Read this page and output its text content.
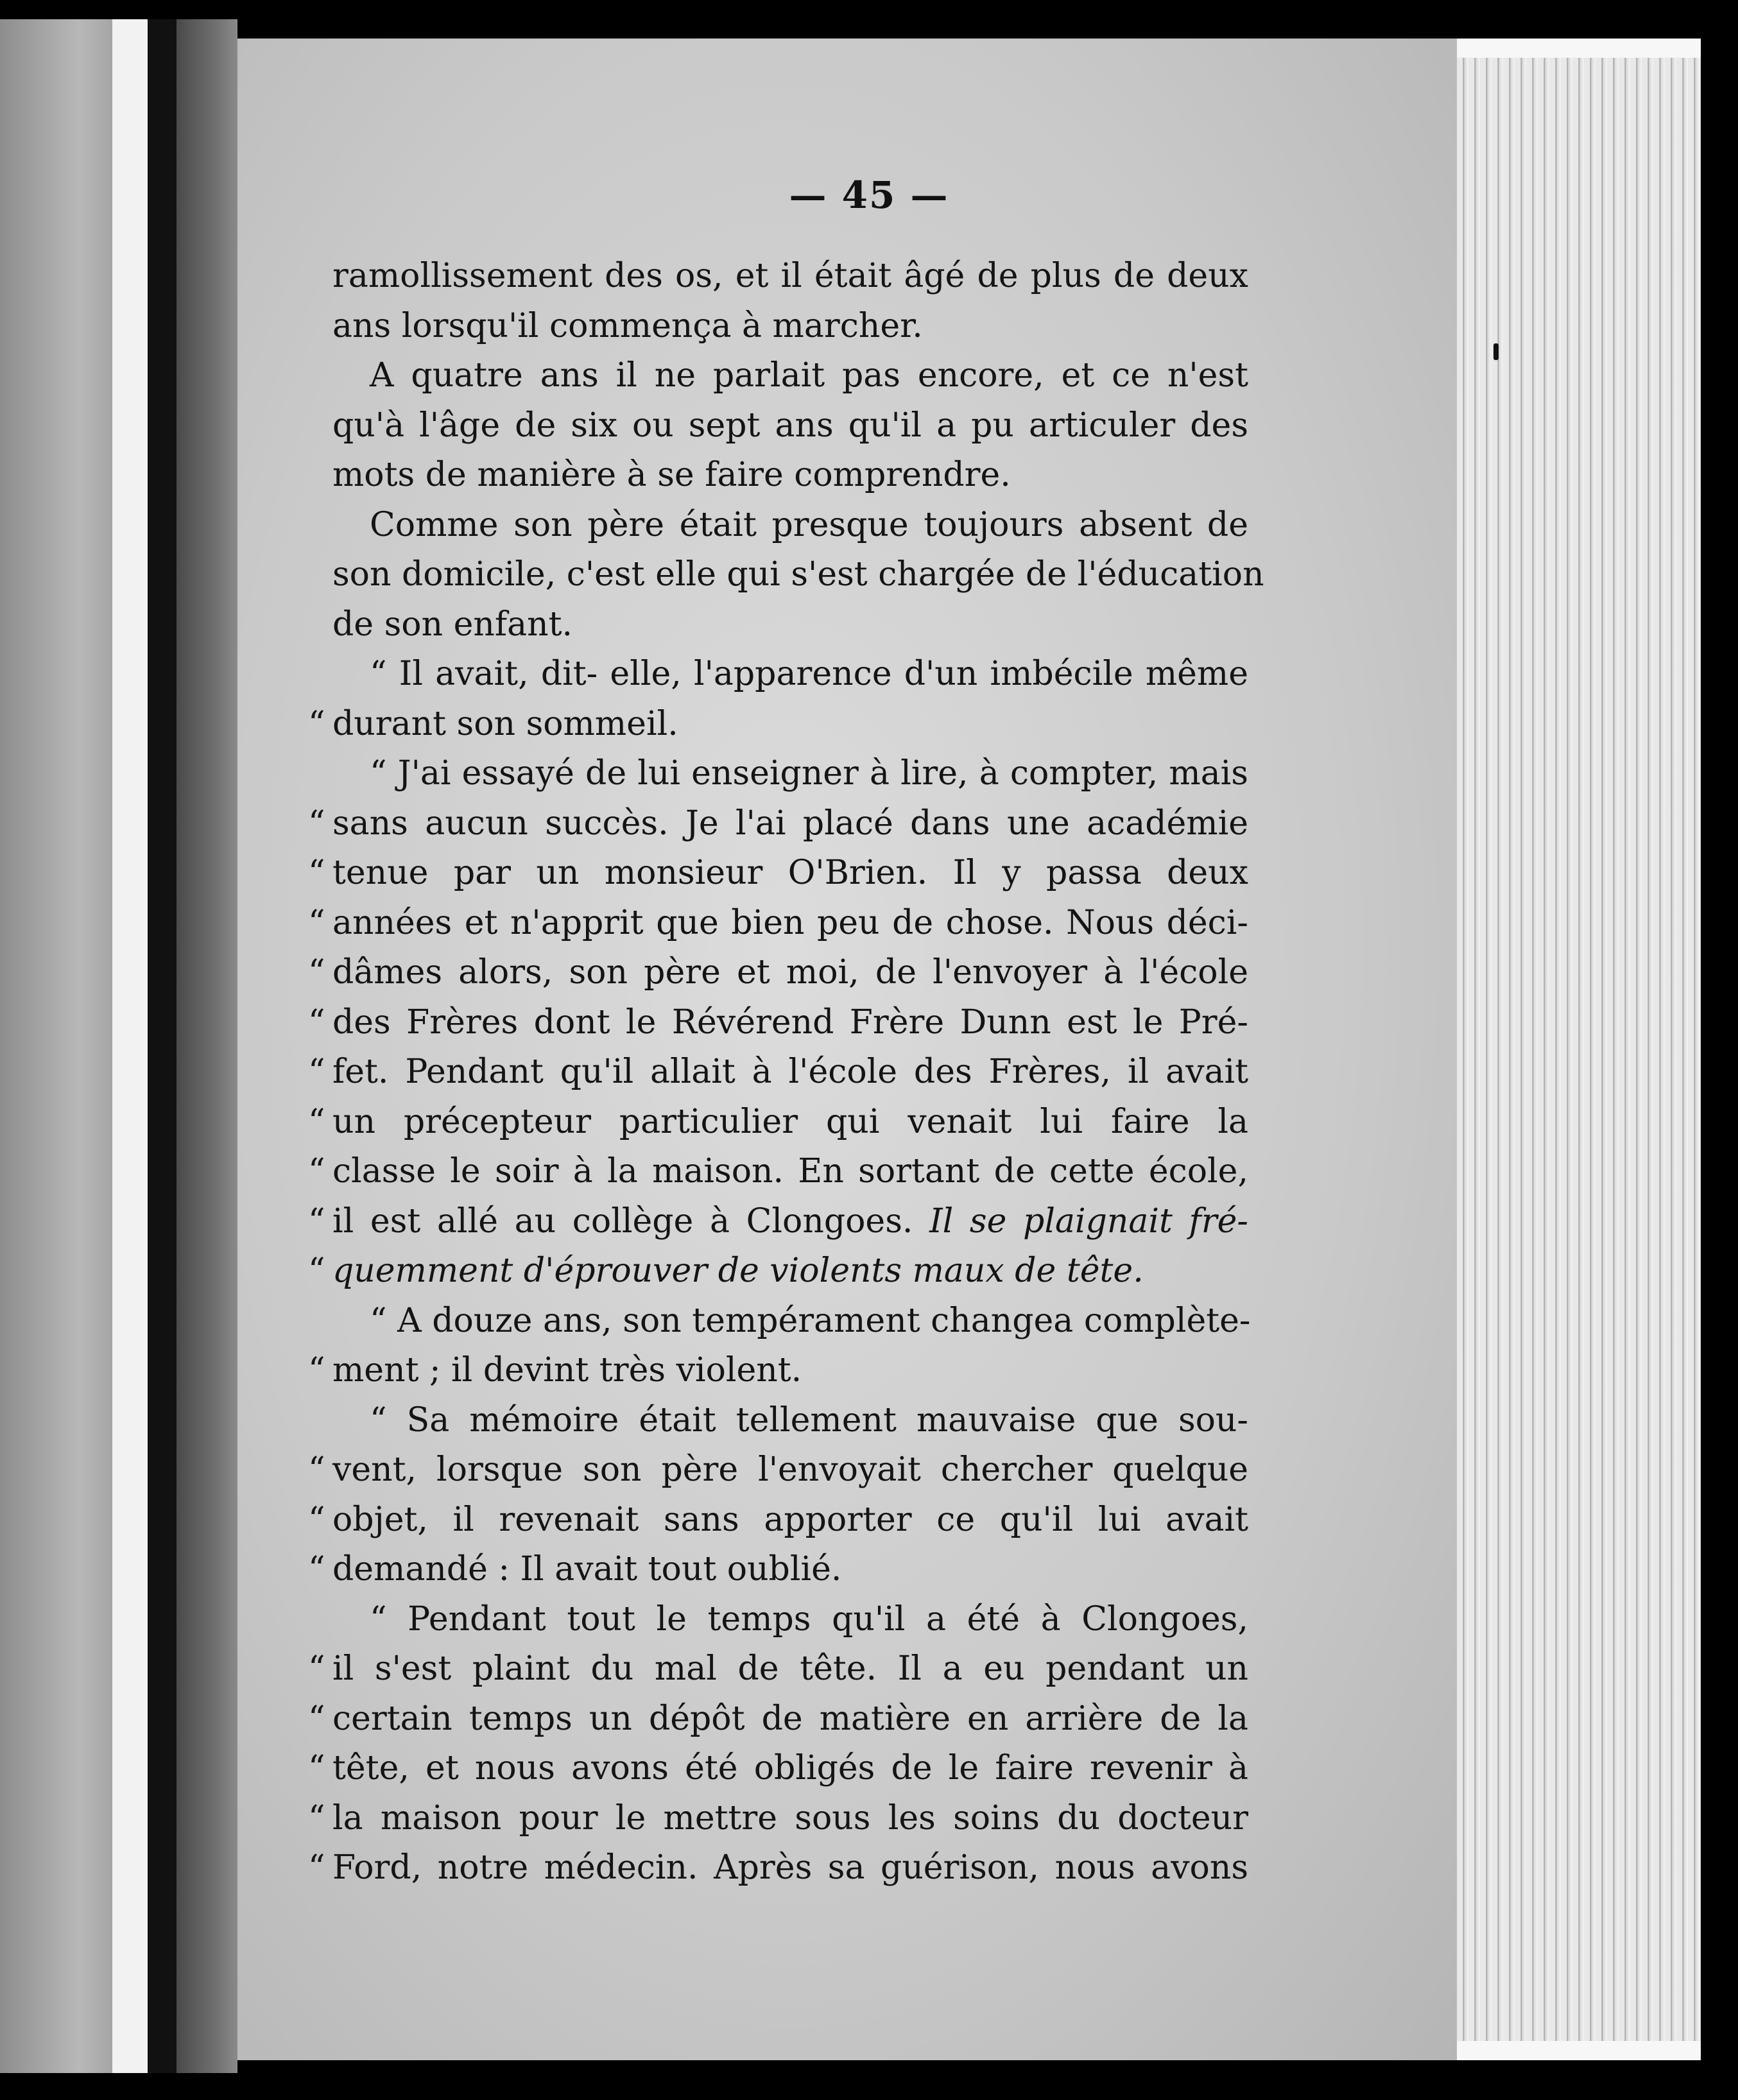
— 45 —
ramollissement des os, et il était âgé de plus de deux
ans lorsqu'il commença à marcher.
A quatre ans il ne parlait pas encore, et ce n'est
qu'à l'âge de six ou sept ans qu'il a pu articuler des
mots de manière à se faire comprendre.
Comme son père était presque toujours absent de
son domicile, c'est elle qui s'est chargée de l'éducation
de son enfant.
“ Il avait, dit- elle, l'apparence d'un imbécile même
“ durant son sommeil.
“ J'ai essayé de lui enseigner à lire, à compter, mais
“ sans aucun succès. Je l'ai placé dans une académie
“ tenue par un monsieur O'Brien. Il y passa deux
“ années et n'apprit que bien peu de chose. Nous déci-
“ dâmes alors, son père et moi, de l'envoyer à l'école
“ des Frères dont le Révérend Frère Dunn est le Pré-
“ fet. Pendant qu'il allait à l'école des Frères, il avait
“ un précepteur particulier qui venait lui faire la
“ classe le soir à la maison. En sortant de cette école,
“ il est allé au collège à Clongoes. Il se plaignait fré-
“ quemment d'éprouver de violents maux de tête.
“ A douze ans, son tempérament changea complète-
“ ment ; il devint très violent.
“ Sa mémoire était tellement mauvaise que sou-
“ vent, lorsque son père l'envoyait chercher quelque
“ objet, il revenait sans apporter ce qu'il lui avait
“ demandé : Il avait tout oublié.
“ Pendant tout le temps qu'il a été à Clongoes,
“ il s'est plaint du mal de tête. Il a eu pendant un
“ certain temps un dépôt de matière en arrière de la
“ tête, et nous avons été obligés de le faire revenir à
“ la maison pour le mettre sous les soins du docteur
“ Ford, notre médecin. Après sa guérison, nous avons
